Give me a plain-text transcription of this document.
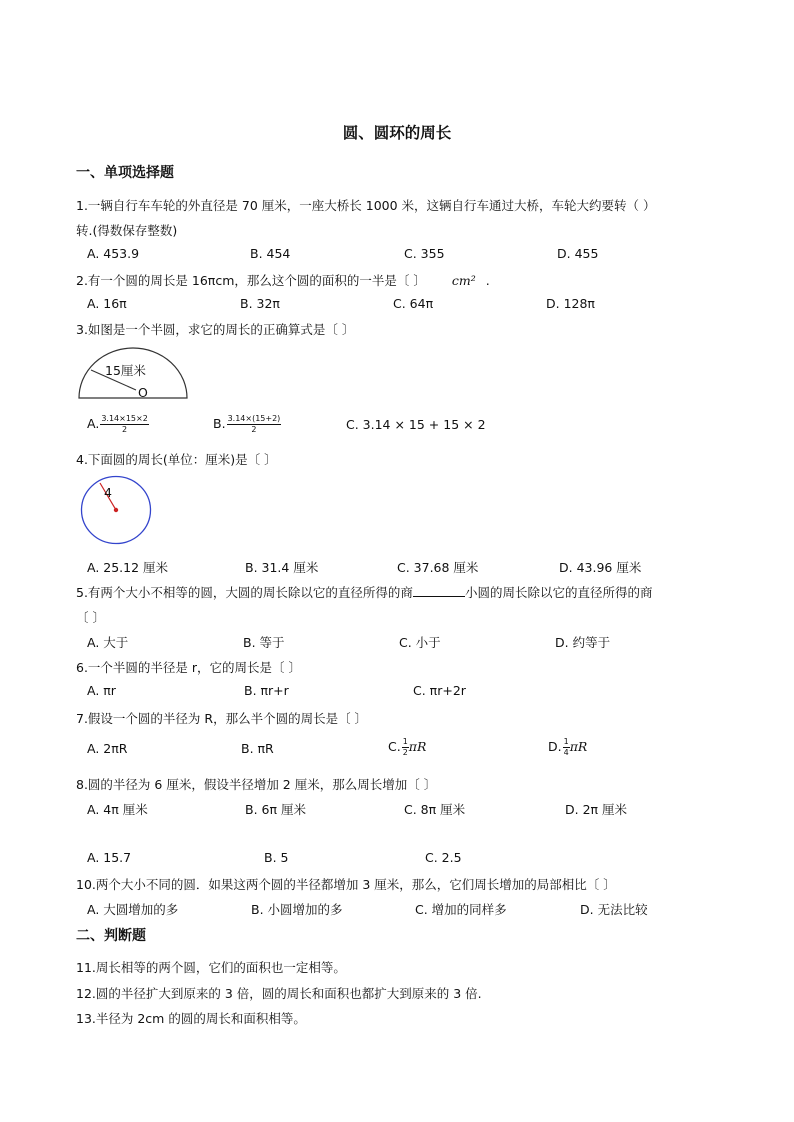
圆、圆环的周长
一、单项选择题
1.一辆自行车车轮的外直径是 70 厘米，一座大桥长 1000 米，这辆自行车通过大桥，车轮大约要转（ ）
转.(得数保存整数)
A. 453.9	B. 454	C. 355	D. 455
2.有一个圆的周长是 16πcm，那么这个圆的面积的一半是〔 〕 cm² .
A. 16π	B. 32π	C. 64π	D. 128π
3.如图是一个半圆，求它的周长的正确算式是〔 〕
15厘米
O
A. $\frac{3.14\times 15\times 2}{2}$	B. $\frac{3.14\times(15+2)}{2}$	C. 3.14 × 15 + 15 × 2
4.下面圆的周长(单位：厘米)是〔 〕
4
A. 25.12 厘米	B. 31.4 厘米	C. 37.68 厘米	D. 43.96 厘米
5.有两个大小不相等的圆，大圆的周长除以它的直径所得的商	小圆的周长除以它的直径所得的商
〔 〕
A. 大于	B. 等于	C. 小于	D. 约等于
6.一个半圆的半径是 r，它的周长是〔 〕
A. πr	B. πr+r	C. πr+2r
7.假设一个圆的半径为 R，那么半个圆的周长是〔 〕
A. 2πR	B. πR	C. $\frac{1}{2}$ πR	D. $\frac{1}{4}$ πR
8.圆的半径为 6 厘米，假设半径增加 2 厘米，那么周长增加〔 〕
A. 4π 厘米	B. 6π 厘米	C. 8π 厘米	D. 2π 厘米
A. 15.7	B. 5	C. 2.5
10.两个大小不同的圆．如果这两个圆的半径都增加 3 厘米，那么，它们周长增加的局部相比〔 〕
A. 大圆增加的多	B. 小圆增加的多	C. 增加的同样多	D. 无法比较
二、判断题
11.周长相等的两个圆，它们的面积也一定相等。
12.圆的半径扩大到原来的 3 倍，圆的周长和面积也都扩大到原来的 3 倍.
13.半径为 2cm 的圆的周长和面积相等。
